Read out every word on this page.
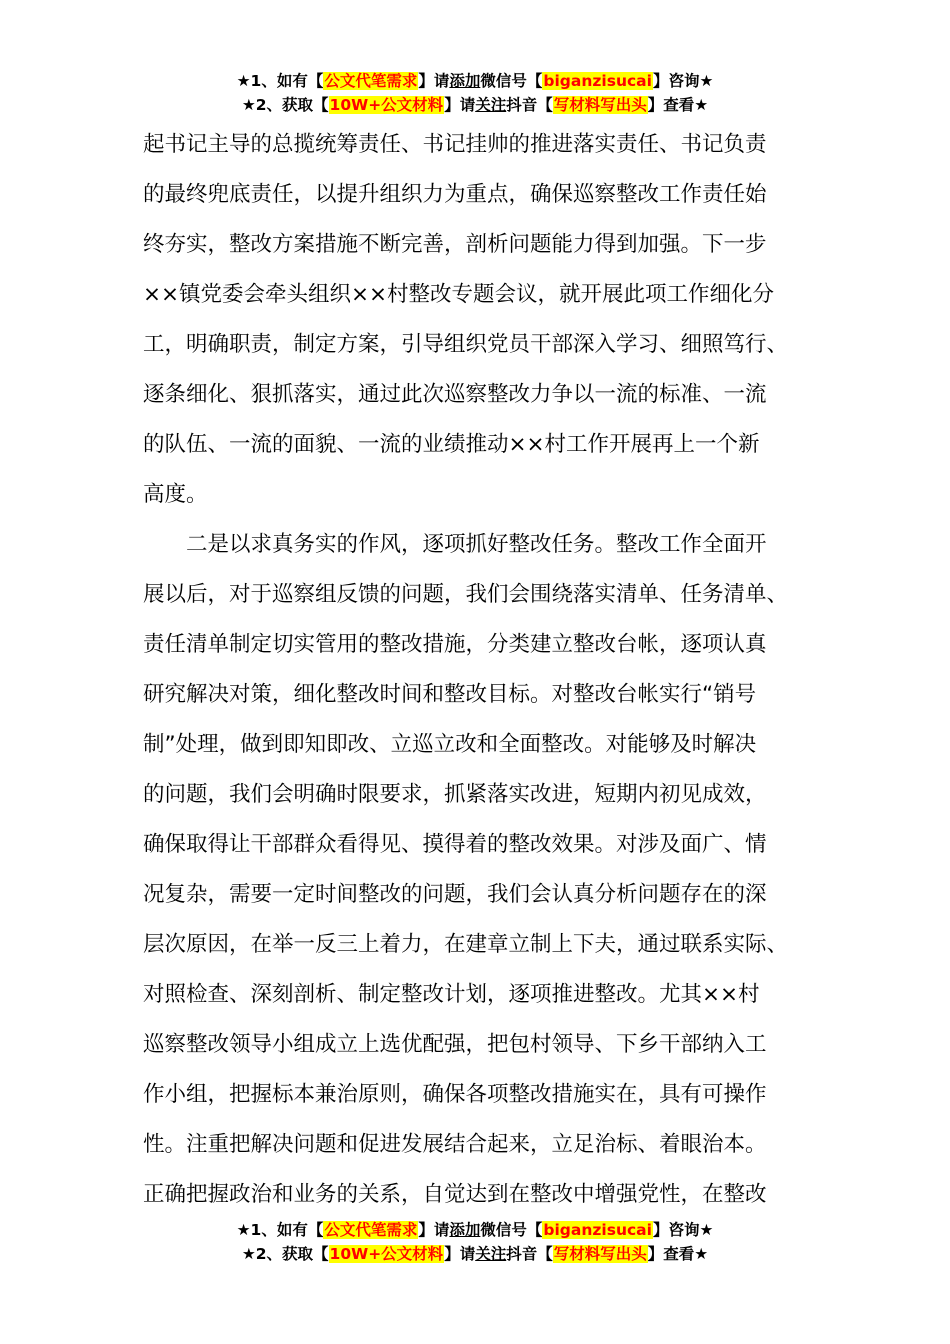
★1、如有【公文代笔需求】请添加微信号【biganzisucai】咨询★
★2、获取【10W+公文材料】请关注抖音【写材料写出头】查看★
起书记主导的总揽统筹责任、书记挂帅的推进落实责任、书记负责
的最终兜底责任，以提升组织力为重点，确保巡察整改工作责任始
终夯实，整改方案措施不断完善，剖析问题能力得到加强。下一步
××镇党委会牵头组织××村整改专题会议，就开展此项工作细化分
工，明确职责，制定方案，引导组织党员干部深入学习、细照笃行、
逐条细化、狠抓落实，通过此次巡察整改力争以一流的标准、一流
的队伍、一流的面貌、一流的业绩推动××村工作开展再上一个新
高度。
　　二是以求真务实的作风，逐项抓好整改任务。整改工作全面开
展以后，对于巡察组反馈的问题，我们会围绕落实清单、任务清单、
责任清单制定切实管用的整改措施，分类建立整改台帐，逐项认真
研究解决对策，细化整改时间和整改目标。对整改台帐实行“销号
制”处理，做到即知即改、立巡立改和全面整改。对能够及时解决
的问题，我们会明确时限要求，抓紧落实改进，短期内初见成效，
确保取得让干部群众看得见、摸得着的整改效果。对涉及面广、情
况复杂，需要一定时间整改的问题，我们会认真分析问题存在的深
层次原因，在举一反三上着力，在建章立制上下夫，通过联系实际、
对照检查、深刻剖析、制定整改计划，逐项推进整改。尤其××村
巡察整改领导小组成立上选优配强，把包村领导、下乡干部纳入工
作小组，把握标本兼治原则，确保各项整改措施实在，具有可操作
性。注重把解决问题和促进发展结合起来，立足治标、着眼治本。
正确把握政治和业务的关系，自觉达到在整改中增强党性，在整改
★1、如有【公文代笔需求】请添加微信号【biganzisucai】咨询★
★2、获取【10W+公文材料】请关注抖音【写材料写出头】查看★
